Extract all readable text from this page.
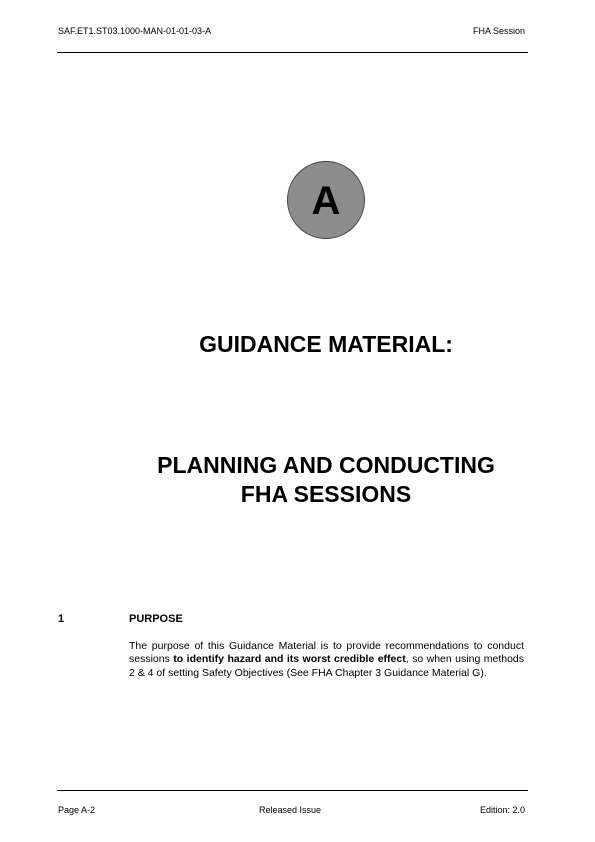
SAF.ET1.ST03.1000-MAN-01-01-03-A	FHA Session
A
GUIDANCE MATERIAL:
PLANNING AND CONDUCTING
FHA SESSIONS
1	PURPOSE
The purpose of this Guidance Material is to provide recommendations to conduct sessions to identify hazard and its worst credible effect, so when using methods 2 & 4 of setting Safety Objectives (See FHA Chapter 3 Guidance Material G).
Page A-2	Released Issue	Edition: 2.0
